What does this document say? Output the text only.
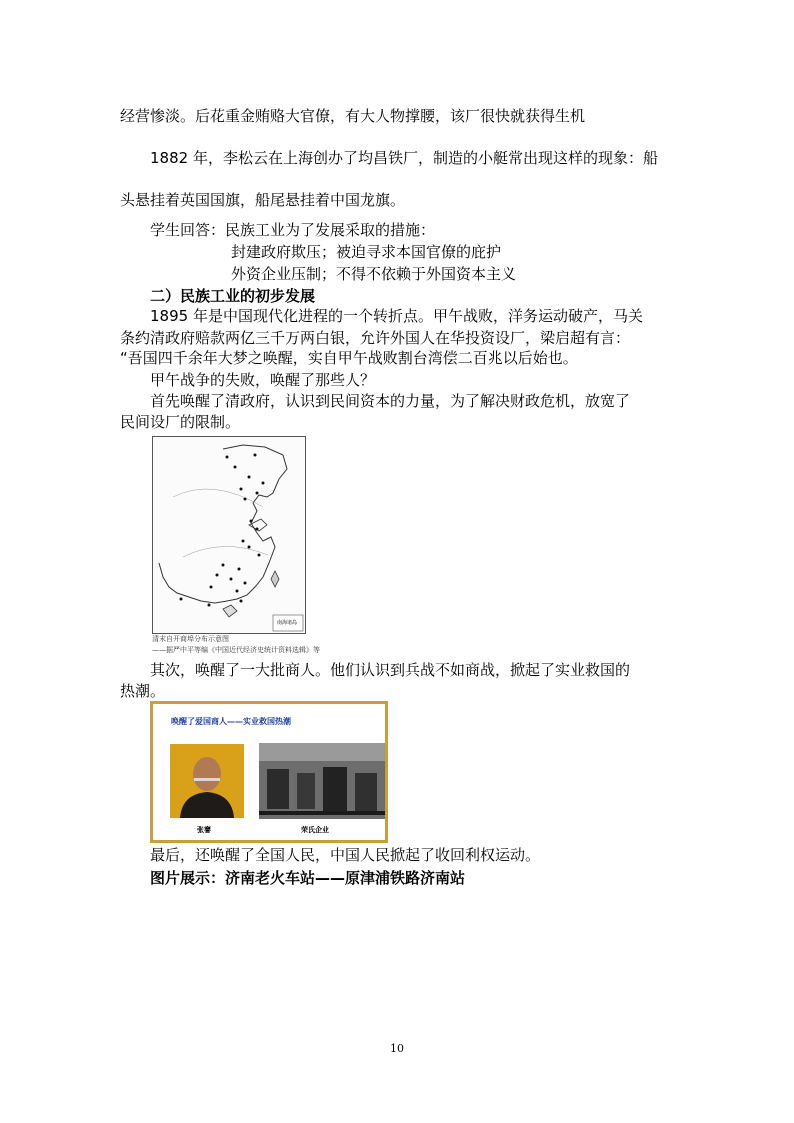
经营惨淡。后花重金贿赂大官僚，有大人物撑腰，该厂很快就获得生机
1882 年，李松云在上海创办了均昌铁厂，制造的小艇常出现这样的现象：船
头悬挂着英国国旗，船尾悬挂着中国龙旗。
学生回答：民族工业为了发展采取的措施：
封建政府欺压；被迫寻求本国官僚的庇护
外资企业压制；不得不依赖于外国资本主义
二）民族工业的初步发展
1895 年是中国现代化进程的一个转折点。甲午战败，洋务运动破产，马关
条约清政府赔款两亿三千万两白银，允许外国人在华投资设厂，梁启超有言：
“吾国四千余年大梦之唤醒，实自甲午战败割台湾偿二百兆以后始也。
甲午战争的失败，唤醒了那些人？
首先唤醒了清政府，认识到民间资本的力量，为了解决财政危机，放宽了
民间设厂的限制。
南海诸岛
清末自开商埠分布示意图
——据严中平等编《中国近代经济史统计资料选辑》等
其次，唤醒了一大批商人。他们认识到兵战不如商战，掀起了实业救国的
热潮。
唤醒了爱国商人——实业救国热潮
张謇	荣氏企业
最后，还唤醒了全国人民，中国人民掀起了收回利权运动。
图片展示：济南老火车站——原津浦铁路济南站
10
